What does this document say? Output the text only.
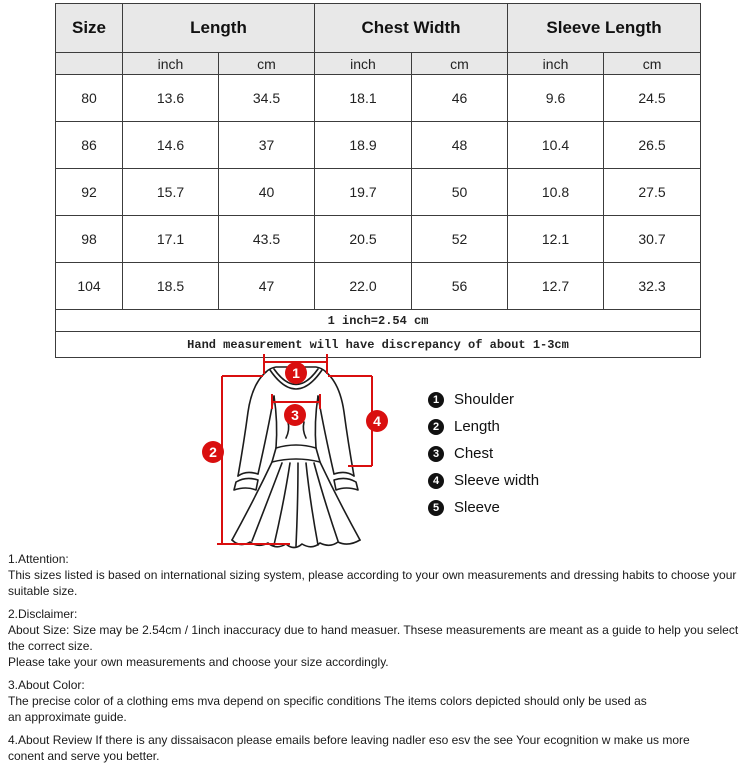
Size	Length		Chest Width		Sleeve Length	
	inch	cm	inch	cm	inch	cm
80	13.6	34.5	18.1	46	9.6	24.5
86	14.6	37	18.9	48	10.4	26.5
92	15.7	40	19.7	50	10.8	27.5
98	17.1	43.5	20.5	52	12.1	30.7
104	18.5	47	22.0	56	12.7	32.3
1 inch=2.54 cm						
Hand measurement will have discrepancy of about 1-3cm						
1
2
3	4
1 Shoulder
2 Length
3 Chest
4 Sleeve width
5 Sleeve
1.Attention:
This sizes listed is based on international sizing system, please according to your own measurements and dressing habits to choose your suitable size.
2.Disclaimer:
About Size: Size may be 2.54cm / 1inch inaccuracy due to hand measuer. Thsese measurements are meant as a guide to help you select the correct size.
Please take your own measurements and choose your size accordingly.
3.About Color:
The precise color of a clothing ems mva depend on specific conditions The items colors depicted should only be used as
an approximate guide.
4.About Review If there is any dissaisacon please emails before leaving nadler eso esv the see Your ecognition w make us more
conent and serve you better.
